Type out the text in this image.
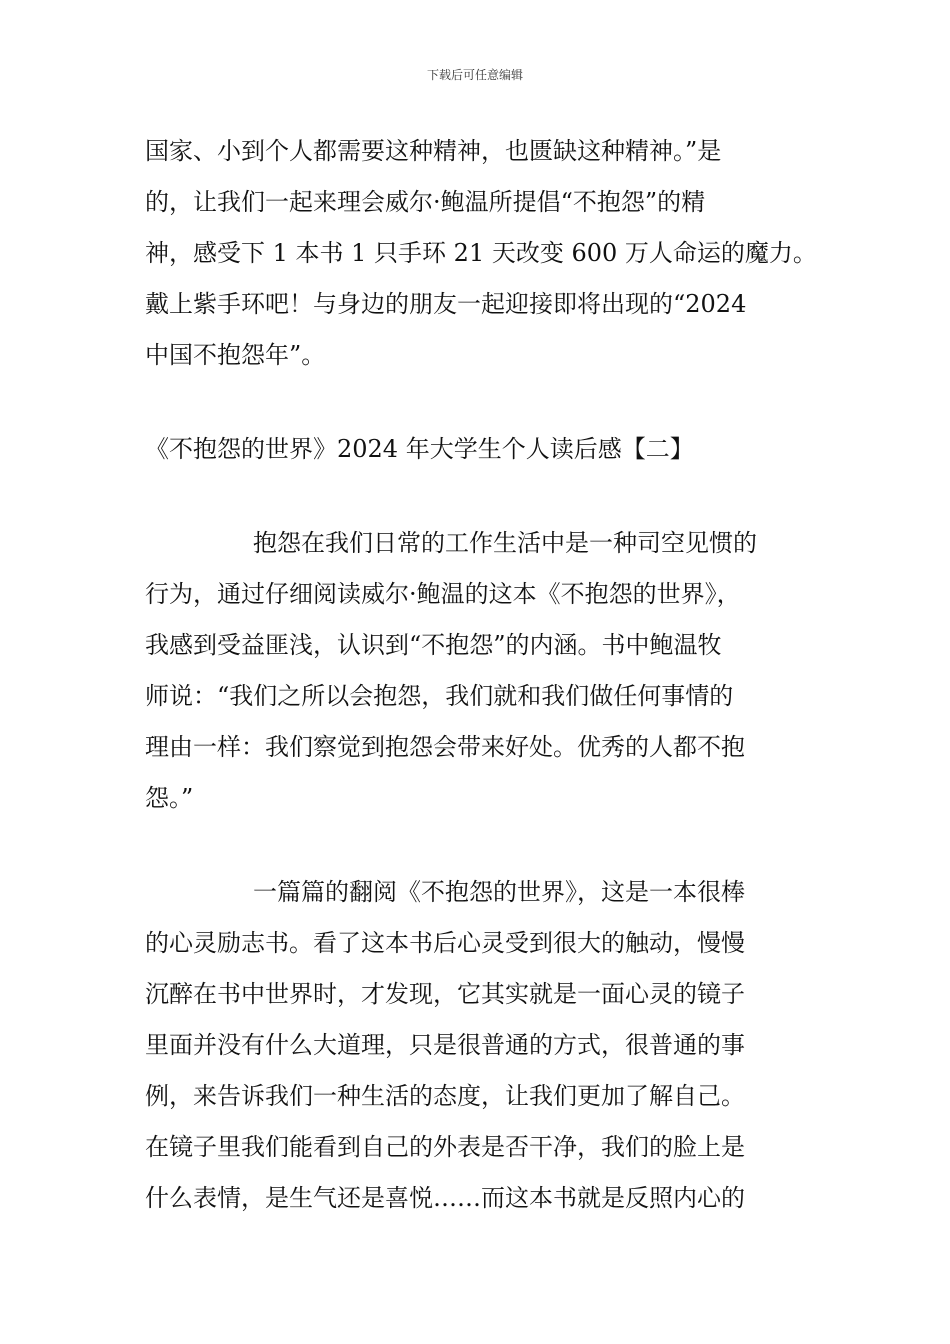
下载后可任意编辑
国家、小到个人都需要这种精神，也匮缺这种精神。”是
的，让我们一起来理会威尔·鲍温所提倡“不抱怨”的精
神，感受下 1 本书 1 只手环 21 天改变 600 万人命运的魔力。
戴上紫手环吧！与身边的朋友一起迎接即将出现的“2024
中国不抱怨年”。
《不抱怨的世界》2024 年大学生个人读后感【二】
抱怨在我们日常的工作生活中是一种司空见惯的
行为，通过仔细阅读威尔·鲍温的这本《不抱怨的世界》，
我感到受益匪浅，认识到“不抱怨”的内涵。书中鲍温牧
师说：“我们之所以会抱怨，我们就和我们做任何事情的
理由一样：我们察觉到抱怨会带来好处。优秀的人都不抱
怨。”
一篇篇的翻阅《不抱怨的世界》，这是一本很棒
的心灵励志书。看了这本书后心灵受到很大的触动，慢慢
沉醉在书中世界时，才发现，它其实就是一面心灵的镜子
里面并没有什么大道理，只是很普通的方式，很普通的事
例，来告诉我们一种生活的态度，让我们更加了解自己。
在镜子里我们能看到自己的外表是否干净，我们的脸上是
什么表情，是生气还是喜悦……而这本书就是反照内心的
